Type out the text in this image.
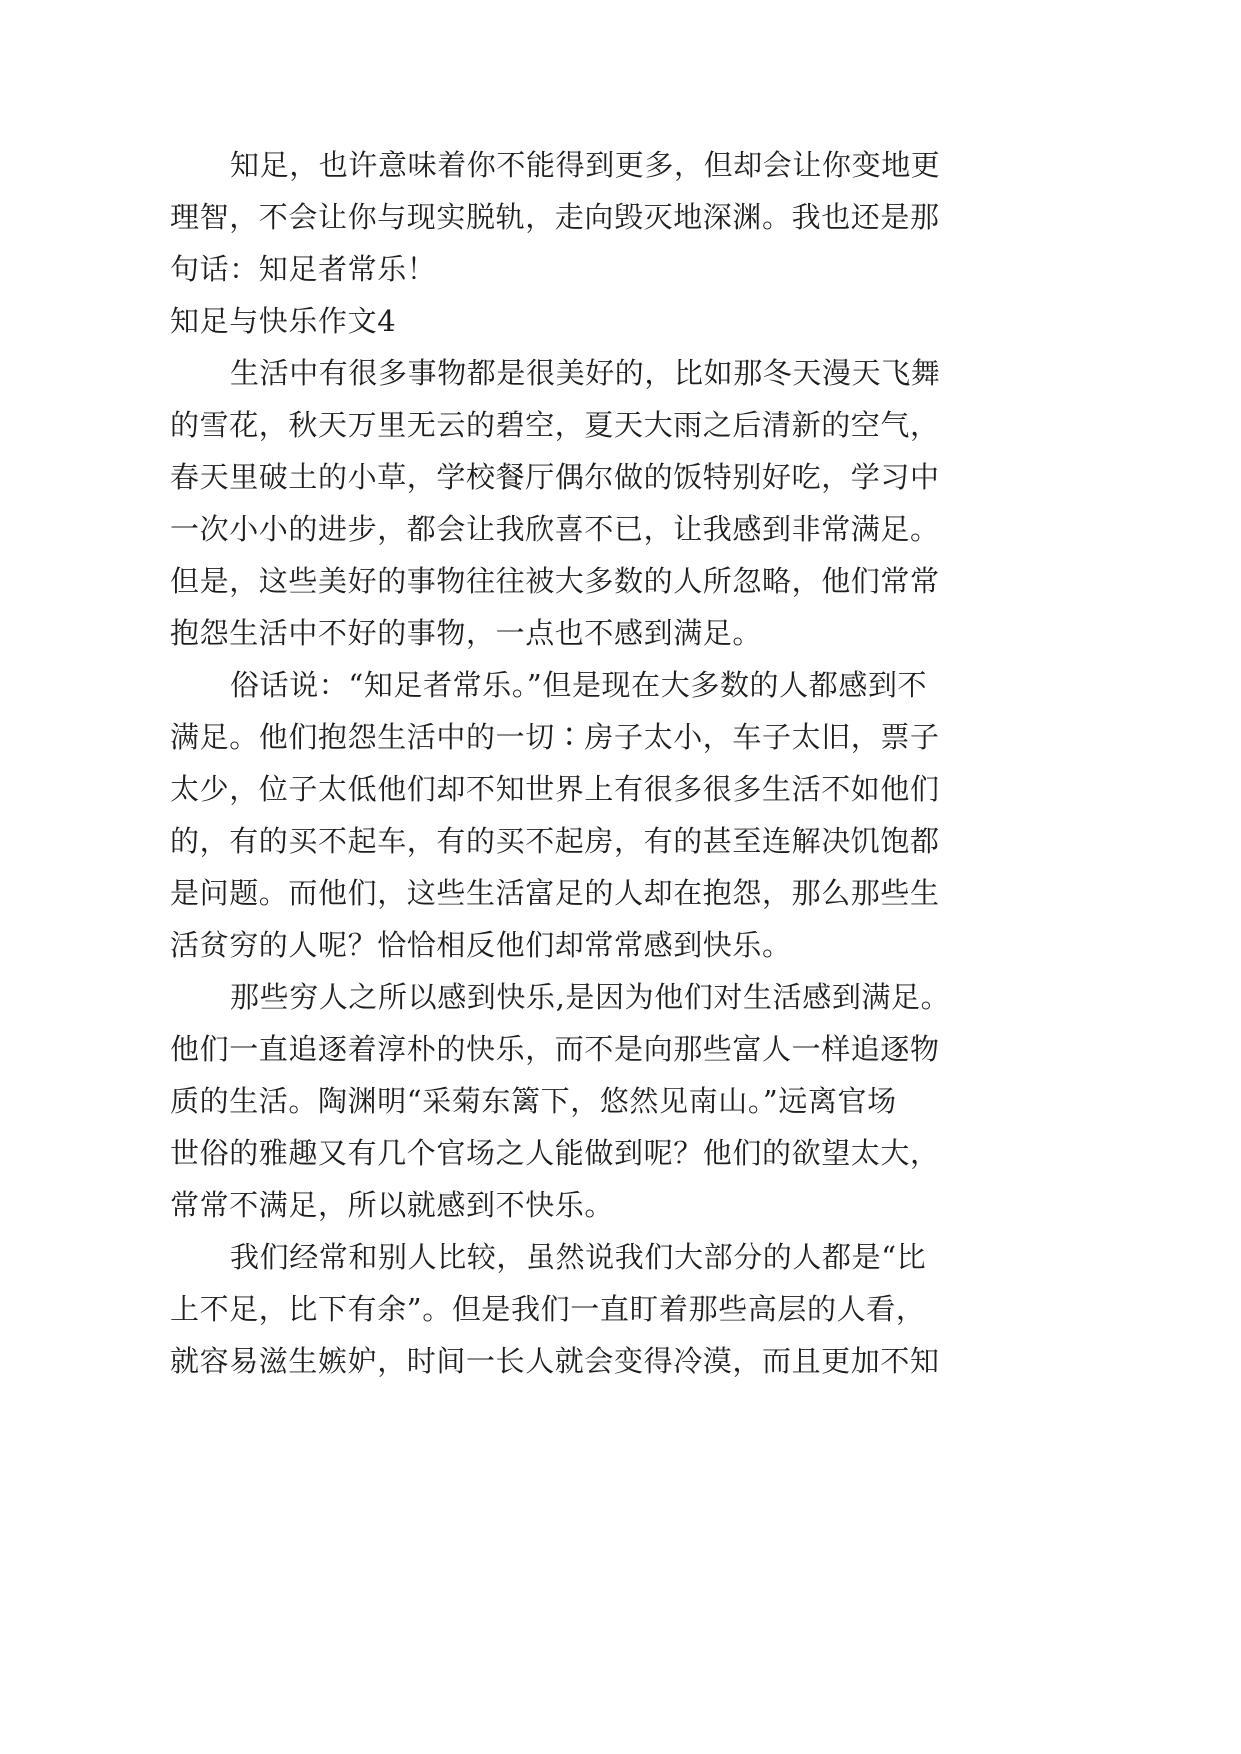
知足，也许意味着你不能得到更多，但却会让你变地更
理智，不会让你与现实脱轨，走向毁灭地深渊。我也还是那
句话：知足者常乐！
知足与快乐作文4
生活中有很多事物都是很美好的，比如那冬天漫天飞舞
的雪花，秋天万里无云的碧空，夏天大雨之后清新的空气，
春天里破土的小草，学校餐厅偶尔做的饭特别好吃，学习中
一次小小的进步，都会让我欣喜不已，让我感到非常满足。
但是，这些美好的事物往往被大多数的人所忽略，他们常常
抱怨生活中不好的事物，一点也不感到满足。
俗话说：“知足者常乐。”但是现在大多数的人都感到不
满足。他们抱怨生活中的一切∶房子太小，车子太旧，票子
太少，位子太低他们却不知世界上有很多很多生活不如他们
的，有的买不起车，有的买不起房，有的甚至连解决饥饱都
是问题。而他们，这些生活富足的人却在抱怨，那么那些生
活贫穷的人呢？恰恰相反他们却常常感到快乐。
那些穷人之所以感到快乐,是因为他们对生活感到满足。
他们一直追逐着淳朴的快乐，而不是向那些富人一样追逐物
质的生活。陶渊明“采菊东篱下，悠然见南山。”远离官场
世俗的雅趣又有几个官场之人能做到呢？他们的欲望太大，
常常不满足，所以就感到不快乐。
我们经常和别人比较，虽然说我们大部分的人都是“比
上不足，比下有余”。但是我们一直盯着那些高层的人看，
就容易滋生嫉妒，时间一长人就会变得冷漠，而且更加不知
